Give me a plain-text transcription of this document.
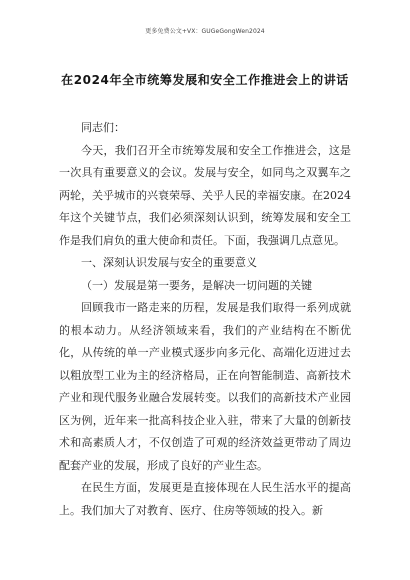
更多免费公文+VX：GUGeGongWen2024
在2024年全市统筹发展和安全工作推进会上的讲话

同志们：

今天，我们召开全市统筹发展和安全工作推进会，这是一次具有重要意义的会议。发展与安全，如同鸟之双翼车之两轮，关乎城市的兴衰荣辱、关乎人民的幸福安康。在2024年这个关键节点，我们必须深刻认识到，统筹发展和安全工作是我们肩负的重大使命和责任。下面，我强调几点意见。

一、深刻认识发展与安全的重要意义

（一）发展是第一要务，是解决一切问题的关键

回顾我市一路走来的历程，发展是我们取得一系列成就的根本动力。从经济领域来看，我们的产业结构在不断优化，从传统的单一产业模式逐步向多元化、高端化迈进过去以粗放型工业为主的经济格局，正在向智能制造、高新技术产业和现代服务业融合发展转变。以我们的高新技术产业园区为例，近年来一批高科技企业入驻，带来了大量的创新技术和高素质人才，不仅创造了可观的经济效益更带动了周边配套产业的发展，形成了良好的产业生态。

在民生方面，发展更是直接体现在人民生活水平的提高上。我们加大了对教育、医疗、住房等领域的投入。新
